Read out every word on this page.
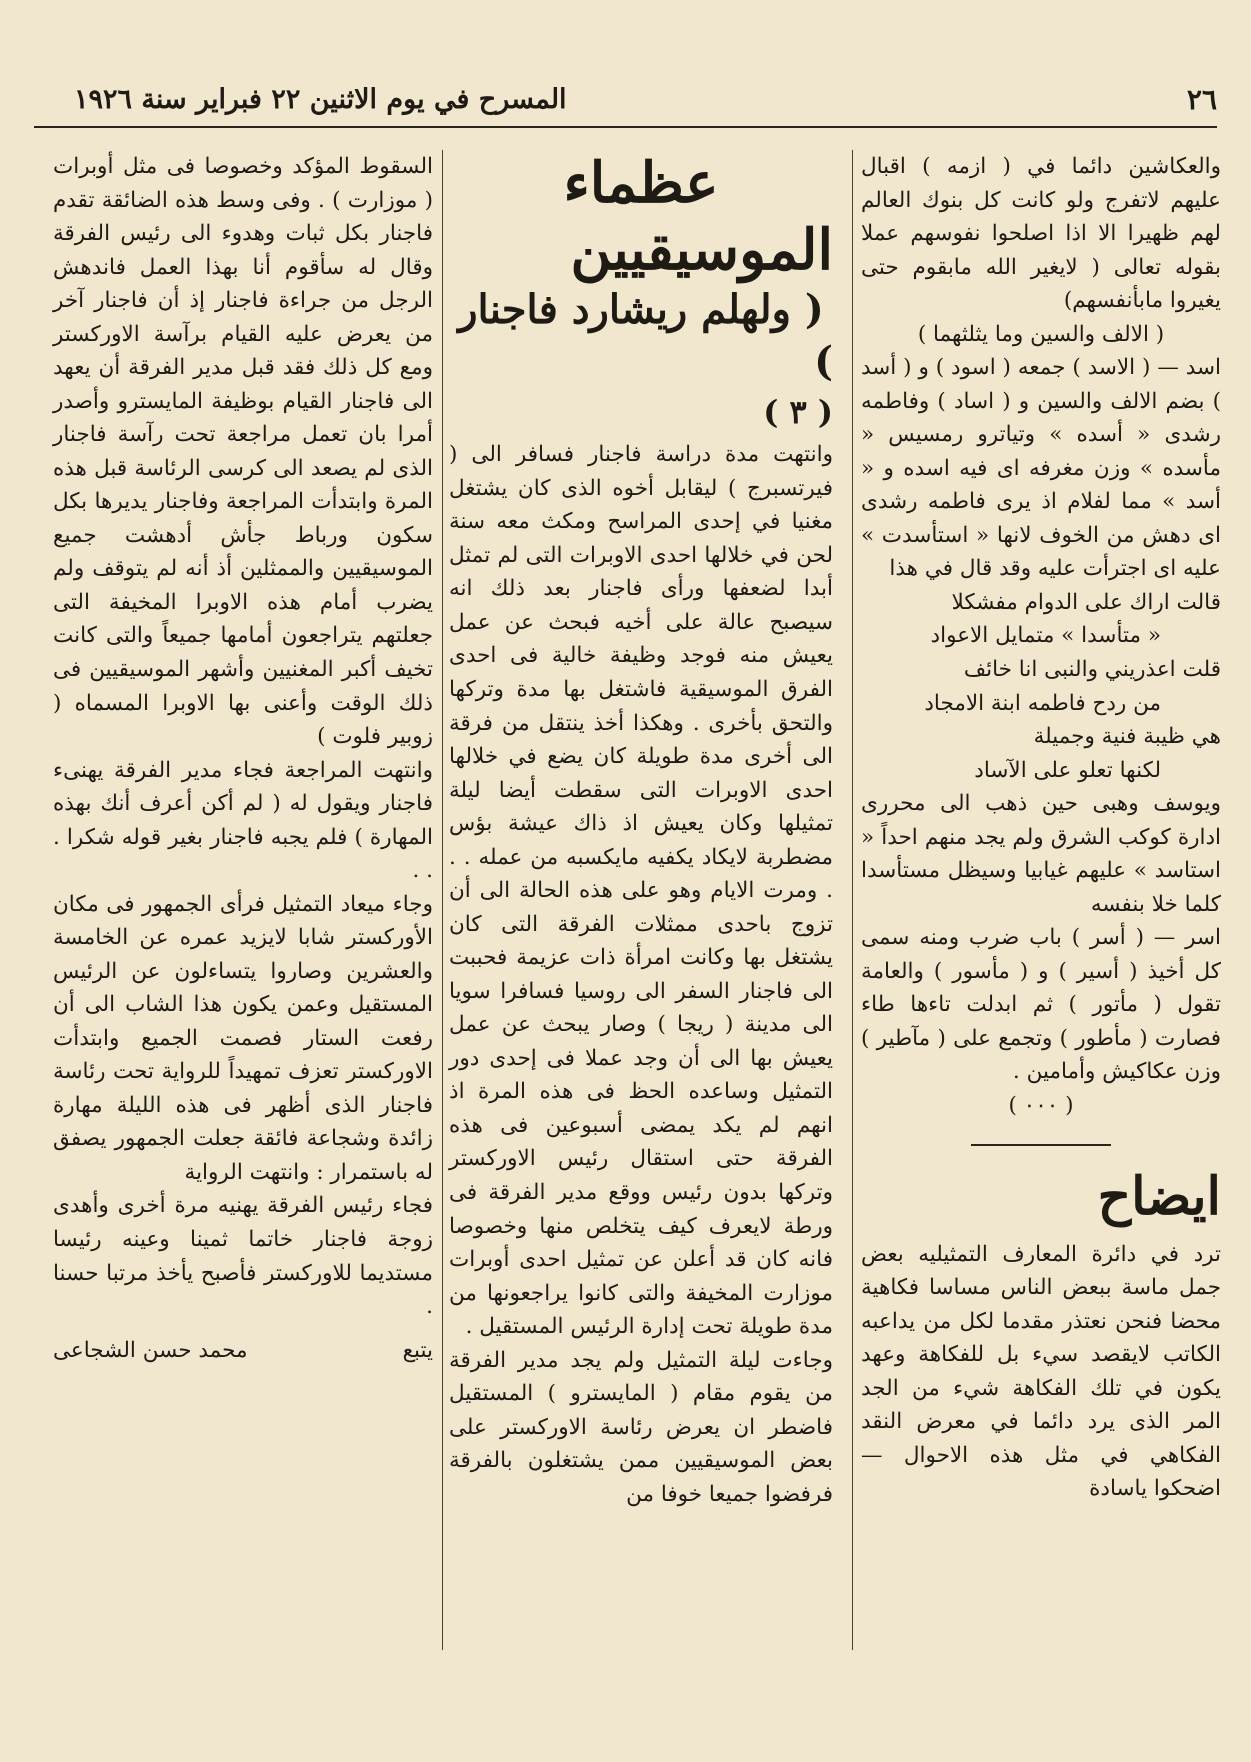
٢٦
المسرح في يوم الاثنين ٢٢ فبراير سنة ١٩٢٦

والعكاشين دائما في ( ازمه ) اقبال عليهم لاتفرج ولو كانت كل بنوك العالم لهم ظهيرا الا اذا اصلحوا نفوسهم عملا بقوله تعالى ( لايغير الله مابقوم حتى يغيروا مابأنفسهم)

( الالف والسين وما يثلثهما )

اسد — ( الاسد ) جمعه ( اسود ) و ( أسد ) بضم الالف والسين و ( اساد ) وفاطمه رشدى « أسده » وتياترو رمسيس « مأسده » وزن مغرفه اى فيه اسده و « أسد » مما لفلام اذ يرى فاطمه رشدى اى دهش من الخوف لانها « استأسدت » عليه اى اجترأت عليه وقد قال في هذا

قالت اراك على الدوام مفشكلا

« متأسدا » متمايل الاعواد

قلت اعذريني والنبى انا خائف

من ردح فاطمه ابنة الامجاد

هي ظيبة فنية وجميلة

لكنها تعلو على الآساد

ويوسف وهبى حين ذهب الى محررى ادارة كوكب الشرق ولم يجد منهم احداً « استاسد » عليهم غيابيا وسيظل مستأسدا كلما خلا بنفسه

اسر — ( أسر ) باب ضرب ومنه سمى كل أخيذ ( أسير ) و ( مأسور ) والعامة تقول ( مأتور ) ثم ابدلت تاءها طاء فصارت ( مأطور ) وتجمع على ( مآطير ) وزن عكاكيش وأمامين .

( ٠٠٠ )

ايضاح

ترد في دائرة المعارف التمثيليه بعض جمل ماسة ببعض الناس مساسا فكاهية محضا فنحن نعتذر مقدما لكل من يداعبه الكاتب لايقصد سيء بل للفكاهة وعهد يكون في تلك الفكاهة شيء من الجد المر الذى يرد دائما في معرض النقد الفكاهي في مثل هذه الاحوال — اضحكوا ياسادة

عظماء الموسيقيين

( ولهلم ريشارد فاجنار )

( ٣ )

وانتهت مدة دراسة فاجنار فسافر الى ( فيرتسبرج ) ليقابل أخوه الذى كان يشتغل مغنيا في إحدى المراسح ومكث معه سنة لحن في خلالها احدى الاوبرات التى لم تمثل أبدا لضعفها ورأى فاجنار بعد ذلك انه سيصبح عالة على أخيه فبحث عن عمل يعيش منه فوجد وظيفة خالية فى احدى الفرق الموسيقية فاشتغل بها مدة وتركها والتحق بأخرى . وهكذا أخذ ينتقل من فرقة الى أخرى مدة طويلة كان يضع في خلالها احدى الاوبرات التى سقطت أيضا ليلة تمثيلها وكان يعيش اذ ذاك عيشة بؤس مضطربة لايكاد يكفيه مايكسبه من عمله . . . ومرت الايام وهو على هذه الحالة الى أن تزوج باحدى ممثلات الفرقة التى كان يشتغل بها وكانت امرأة ذات عزيمة فحببت الى فاجنار السفر الى روسيا فسافرا سويا الى مدينة ( ريجا ) وصار يبحث عن عمل يعيش بها الى أن وجد عملا فى إحدى دور التمثيل وساعده الحظ فى هذه المرة اذ انهم لم يكد يمضى أسبوعين فى هذه الفرقة حتى استقال رئيس الاوركستر وتركها بدون رئيس ووقع مدير الفرقة فى ورطة لايعرف كيف يتخلص منها وخصوصا فانه كان قد أعلن عن تمثيل احدى أوبرات موزارت المخيفة والتى كانوا يراجعونها من مدة طويلة تحت إدارة الرئيس المستقيل .

وجاءت ليلة التمثيل ولم يجد مدير الفرقة من يقوم مقام ( المايسترو ) المستقيل فاضطر ان يعرض رئاسة الاوركستر على بعض الموسيقيين ممن يشتغلون بالفرقة فرفضوا جميعا خوفا من

السقوط المؤكد وخصوصا فى مثل أوبرات ( موزارت ) . وفى وسط هذه الضائقة تقدم فاجنار بكل ثبات وهدوء الى رئيس الفرقة وقال له سأقوم أنا بهذا العمل فاندهش الرجل من جراءة فاجنار إذ أن فاجنار آخر من يعرض عليه القيام برآسة الاوركستر ومع كل ذلك فقد قبل مدير الفرقة أن يعهد الى فاجنار القيام بوظيفة المايسترو وأصدر أمرا بان تعمل مراجعة تحت رآسة فاجنار الذى لم يصعد الى كرسى الرئاسة قبل هذه المرة وابتدأت المراجعة وفاجنار يديرها بكل سكون ورباط جأش أدهشت جميع الموسيقيين والممثلين أذ أنه لم يتوقف ولم يضرب أمام هذه الاوبرا المخيفة التى جعلتهم يتراجعون أمامها جميعاً والتى كانت تخيف أكبر المغنيين وأشهر الموسيقيين فى ذلك الوقت وأعنى بها الاوبرا المسماه ( زوبير فلوت )

وانتهت المراجعة فجاء مدير الفرقة يهنىء فاجنار ويقول له ( لم أكن أعرف أنك بهذه المهارة ) فلم يجبه فاجنار بغير قوله شكرا . . .

وجاء ميعاد التمثيل فرأى الجمهور فى مكان الأوركستر شابا لايزيد عمره عن الخامسة والعشرين وصاروا يتساءلون عن الرئيس المستقيل وعمن يكون هذا الشاب الى أن رفعت الستار فصمت الجميع وابتدأت الاوركستر تعزف تمهيداً للرواية تحت رئاسة فاجنار الذى أظهر فى هذه الليلة مهارة زائدة وشجاعة فائقة جعلت الجمهور يصفق له باستمرار : وانتهت الرواية

فجاء رئيس الفرقة يهنيه مرة أخرى وأهدى زوجة فاجنار خاتما ثمينا وعينه رئيسا مستديما للاوركستر فأصبح يأخذ مرتبا حسنا .

يتبع
محمد حسن الشجاعى
